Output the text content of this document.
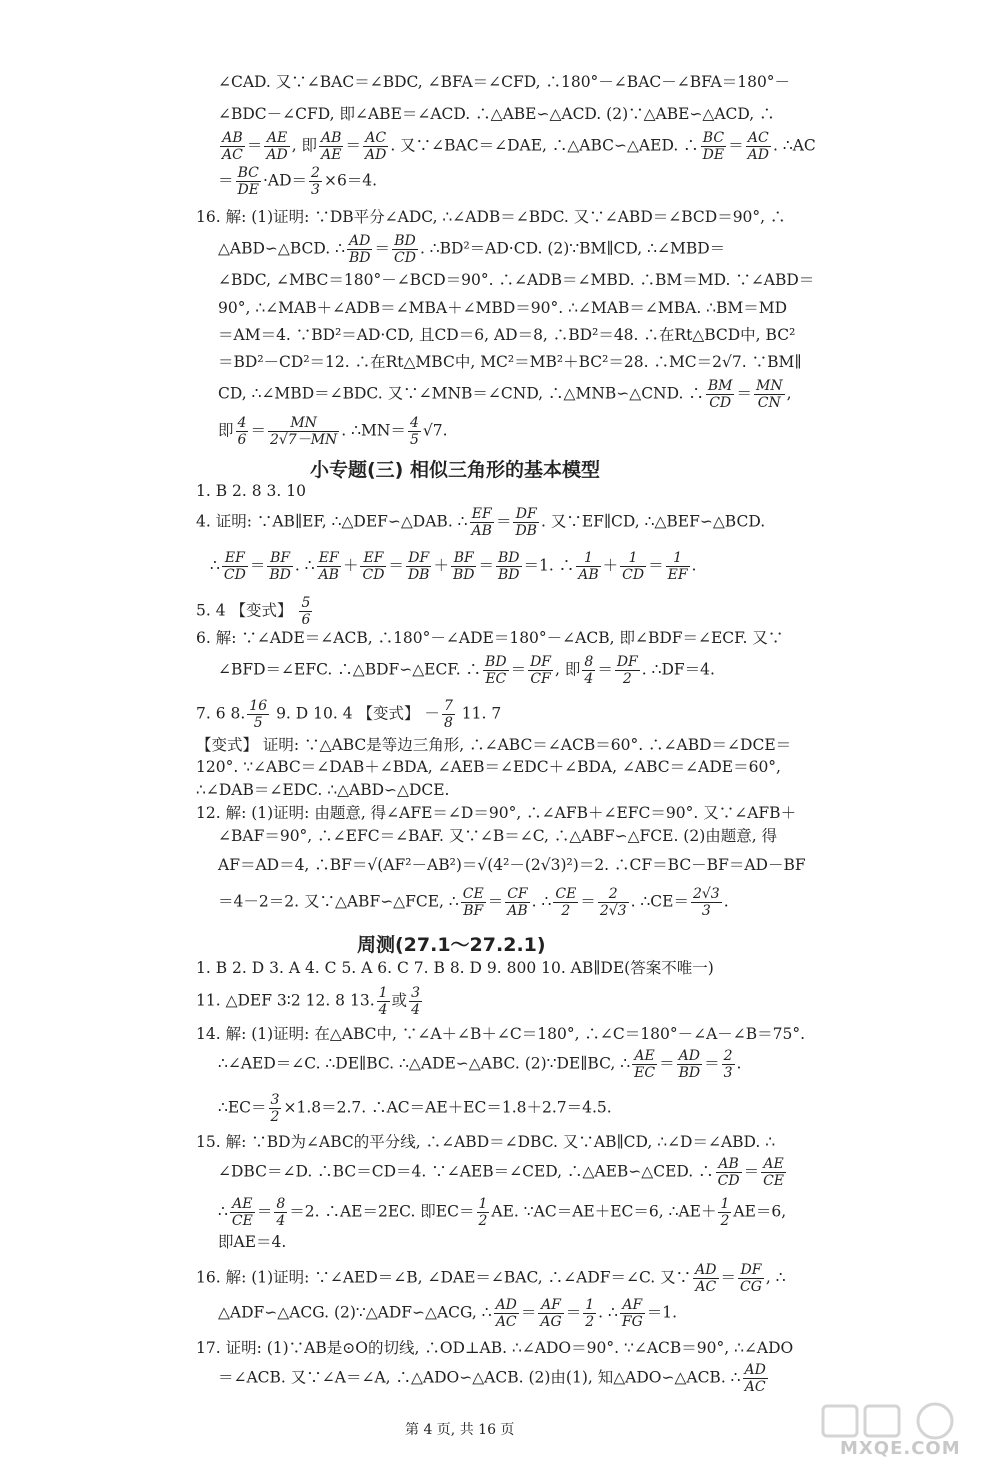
∠CAD. 又∵∠BAC＝∠BDC, ∠BFA＝∠CFD, ∴180°－∠BAC－∠BFA＝180°－
∠BDC－∠CFD, 即∠ABE＝∠ACD. ∴△ABE∽△ACD. (2)∵△ABE∽△ACD, ∴
$\frac{AB}{AC} = \frac{AE}{AD}$ , 即 $\frac{AB}{AE} = \frac{AC}{AD}$ . 又∵∠BAC＝∠DAE, ∴△ABC∽△AED. ∴ $\frac{BC}{DE} = \frac{AC}{AD}$ . ∴AC
＝ $\frac{BC}{DE} \cdot AD= \frac{2}{3} \times 6=4$.
16. 解: (1)证明: ∵DB平分∠ADC, ∴∠ADB＝∠BDC. 又∵∠ABD＝∠BCD＝90°, ∴
△ABD∽△BCD. ∴ $\frac{AD}{BD} = \frac{BD}{CD}$ . ∴BD²＝AD·CD. (2)∵BM∥CD, ∴∠MBD＝
∠BDC, ∠MBC＝180°－∠BCD＝90°. ∴∠ADB＝∠MBD. ∴BM＝MD. ∵∠ABD＝
90°, ∴∠MAB＋∠ADB＝∠MBA＋∠MBD＝90°. ∴∠MAB＝∠MBA. ∴BM＝MD
＝AM＝4. ∵BD²＝AD·CD, 且CD＝6, AD＝8, ∴BD²＝48. ∴在Rt△BCD中, BC²
＝BD²－CD²＝12. ∴在Rt△MBC中, MC²＝MB²＋BC²＝28. ∴MC＝2√7. ∵BM∥
CD, ∴∠MBD＝∠BDC. 又∵∠MNB＝∠CND, ∴△MNB∽△CND. ∴ $\frac{BM}{CD} = \frac{MN}{CN}$ ,
即 $\frac{4}{6} = \frac{MN}{2√7-MN}$ . ∴MN＝ $\frac{4}{5} √7$.
小专题(三) 相似三角形的基本模型
1. B 2. 8 3. 10
4. 证明: ∵AB∥EF, ∴△DEF∽△DAB. ∴ $\frac{EF}{AB} = \frac{DF}{DB}$ . 又∵EF∥CD, ∴△BEF∽△BCD.
∴ $\frac{EF}{CD} = \frac{BF}{BD}$ . ∴ $\frac{EF}{AB} + \frac{EF}{CD} = \frac{DF}{DB} + \frac{BF}{BD} = \frac{BD}{BD} =1$. ∴ $\frac{1}{AB} + \frac{1}{CD} = \frac{1}{EF}$ .
5. 4 【变式】 $\frac{5}{6}$
6. 解: ∵∠ADE＝∠ACB, ∴180°－∠ADE＝180°－∠ACB, 即∠BDF＝∠ECF. 又∵
∠BFD＝∠EFC. ∴△BDF∽△ECF. ∴ $\frac{BD}{EC} = \frac{DF}{CF}$ , 即 $\frac{8}{4} = \frac{DF}{2}$ . ∴DF＝4.
7. 6 8. $\frac{16}{5} 9$. D 10. 4 【变式】 － $\frac{7}{8} 11$. 7
【变式】 证明: ∵△ABC是等边三角形, ∴∠ABC＝∠ACB＝60°. ∴∠ABD＝∠DCE＝
120°. ∵∠ABC＝∠DAB＋∠BDA, ∠AEB＝∠EDC＋∠BDA, ∠ABC＝∠ADE＝60°,
∴∠DAB＝∠EDC. ∴△ABD∽△DCE.
12. 解: (1)证明: 由题意, 得∠AFE＝∠D＝90°, ∴∠AFB＋∠EFC＝90°. 又∵∠AFB＋
∠BAF＝90°, ∴∠EFC＝∠BAF. 又∵∠B＝∠C, ∴△ABF∽△FCE. (2)由题意, 得
AF＝AD＝4, ∴BF＝√(AF²－AB²)＝√(4²－(2√3)²)＝2. ∴CF＝BC－BF＝AD－BF
＝4－2＝2. 又∵△ABF∽△FCE, ∴ $\frac{CE}{BF} = \frac{CF}{AB}$ . ∴ $\frac{CE}{2} = \frac{2}{2√3}$ . ∴CE＝ $\frac{2√3}{3}$ .
周测(27.1～27.2.1)
1. B 2. D 3. A 4. C 5. A 6. C 7. B 8. D 9. 800 10. AB∥DE(答案不唯一)
11. △DEF 3∶2 12. 8 13. $\frac{1}{4}$ 或 $\frac{3}{4}$
14. 解: (1)证明: 在△ABC中, ∵∠A＋∠B＋∠C＝180°, ∴∠C＝180°－∠A－∠B＝75°.
∴∠AED＝∠C. ∴DE∥BC. ∴△ADE∽△ABC. (2)∵DE∥BC, ∴ $\frac{AE}{EC} = \frac{AD}{BD} = \frac{2}{3}$ .
∴EC＝ $\frac{3}{2} \times 1.8=2.7$. ∴AC＝AE＋EC＝1.8＋2.7＝4.5.
15. 解: ∵BD为∠ABC的平分线, ∴∠ABD＝∠DBC. 又∵AB∥CD, ∴∠D＝∠ABD. ∴
∠DBC＝∠D. ∴BC＝CD＝4. ∵∠AEB＝∠CED, ∴△AEB∽△CED. ∴ $\frac{AB}{CD} = \frac{AE}{CE}$
∴ $\frac{AE}{CE} = \frac{8}{4} =2$. ∴AE＝2EC. 即$EC= \frac{1}{2}$ AE. ∵AC＝AE＋EC＝6, ∴AE＋ $\frac{1}{2} AE=6$,
即AE＝4.
16. 解: (1)证明: ∵∠AED＝∠B, ∠DAE＝∠BAC, ∴∠ADF＝∠C. 又∵ $\frac{AD}{AC} = \frac{DF}{CG}$ , ∴
△ADF∽△ACG. (2)∵△ADF∽△ACG, ∴ $\frac{AD}{AC} = \frac{AF}{AG} = \frac{1}{2}$ . ∴ $\frac{AF}{FG} =1$.
17. 证明: (1)∵AB是⊙O的切线, ∴OD⊥AB. ∴∠ADO＝90°. ∵∠ACB＝90°, ∴∠ADO
＝∠ACB. 又∵∠A＝∠A, ∴△ADO∽△ACB. (2)由(1), 知△ADO∽△ACB. ∴ $\frac{AD}{AC}$
第 4 页, 共 16 页
MXQE.COM
